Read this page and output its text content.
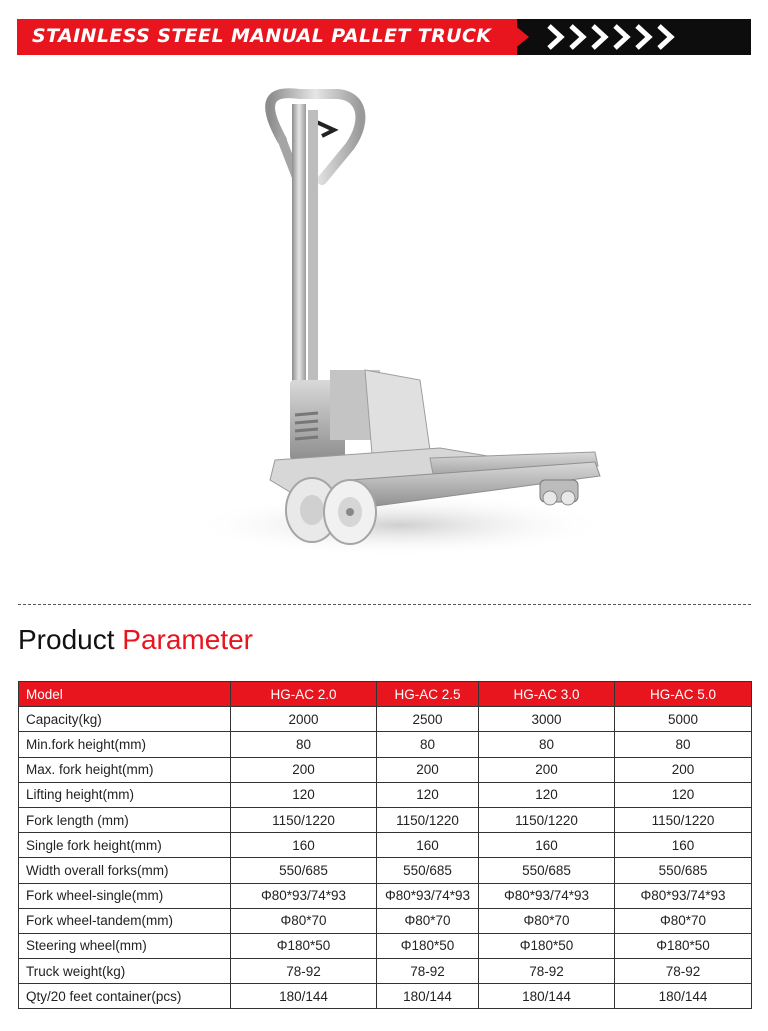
STAINLESS STEEL MANUAL PALLET TRUCK
Product Parameter
Model	HG-AC 2.0	HG-AC 2.5	HG-AC 3.0	HG-AC 5.0
Capacity(kg)	2000	2500	3000	5000
Min.fork height(mm)	80	80	80	80
Max. fork height(mm)	200	200	200	200
Lifting height(mm)	120	120	120	120
Fork length (mm)	1150/1220	1150/1220	1150/1220	1150/1220
Single fork height(mm)	160	160	160	160
Width overall forks(mm)	550/685	550/685	550/685	550/685
Fork wheel-single(mm)	Φ80*93/74*93	Φ80*93/74*93	Φ80*93/74*93	Φ80*93/74*93
Fork wheel-tandem(mm)	Φ80*70	Φ80*70	Φ80*70	Φ80*70
Steering wheel(mm)	Φ180*50	Φ180*50	Φ180*50	Φ180*50
Truck weight(kg)	78-92	78-92	78-92	78-92
Qty/20 feet container(pcs)	180/144	180/144	180/144	180/144
